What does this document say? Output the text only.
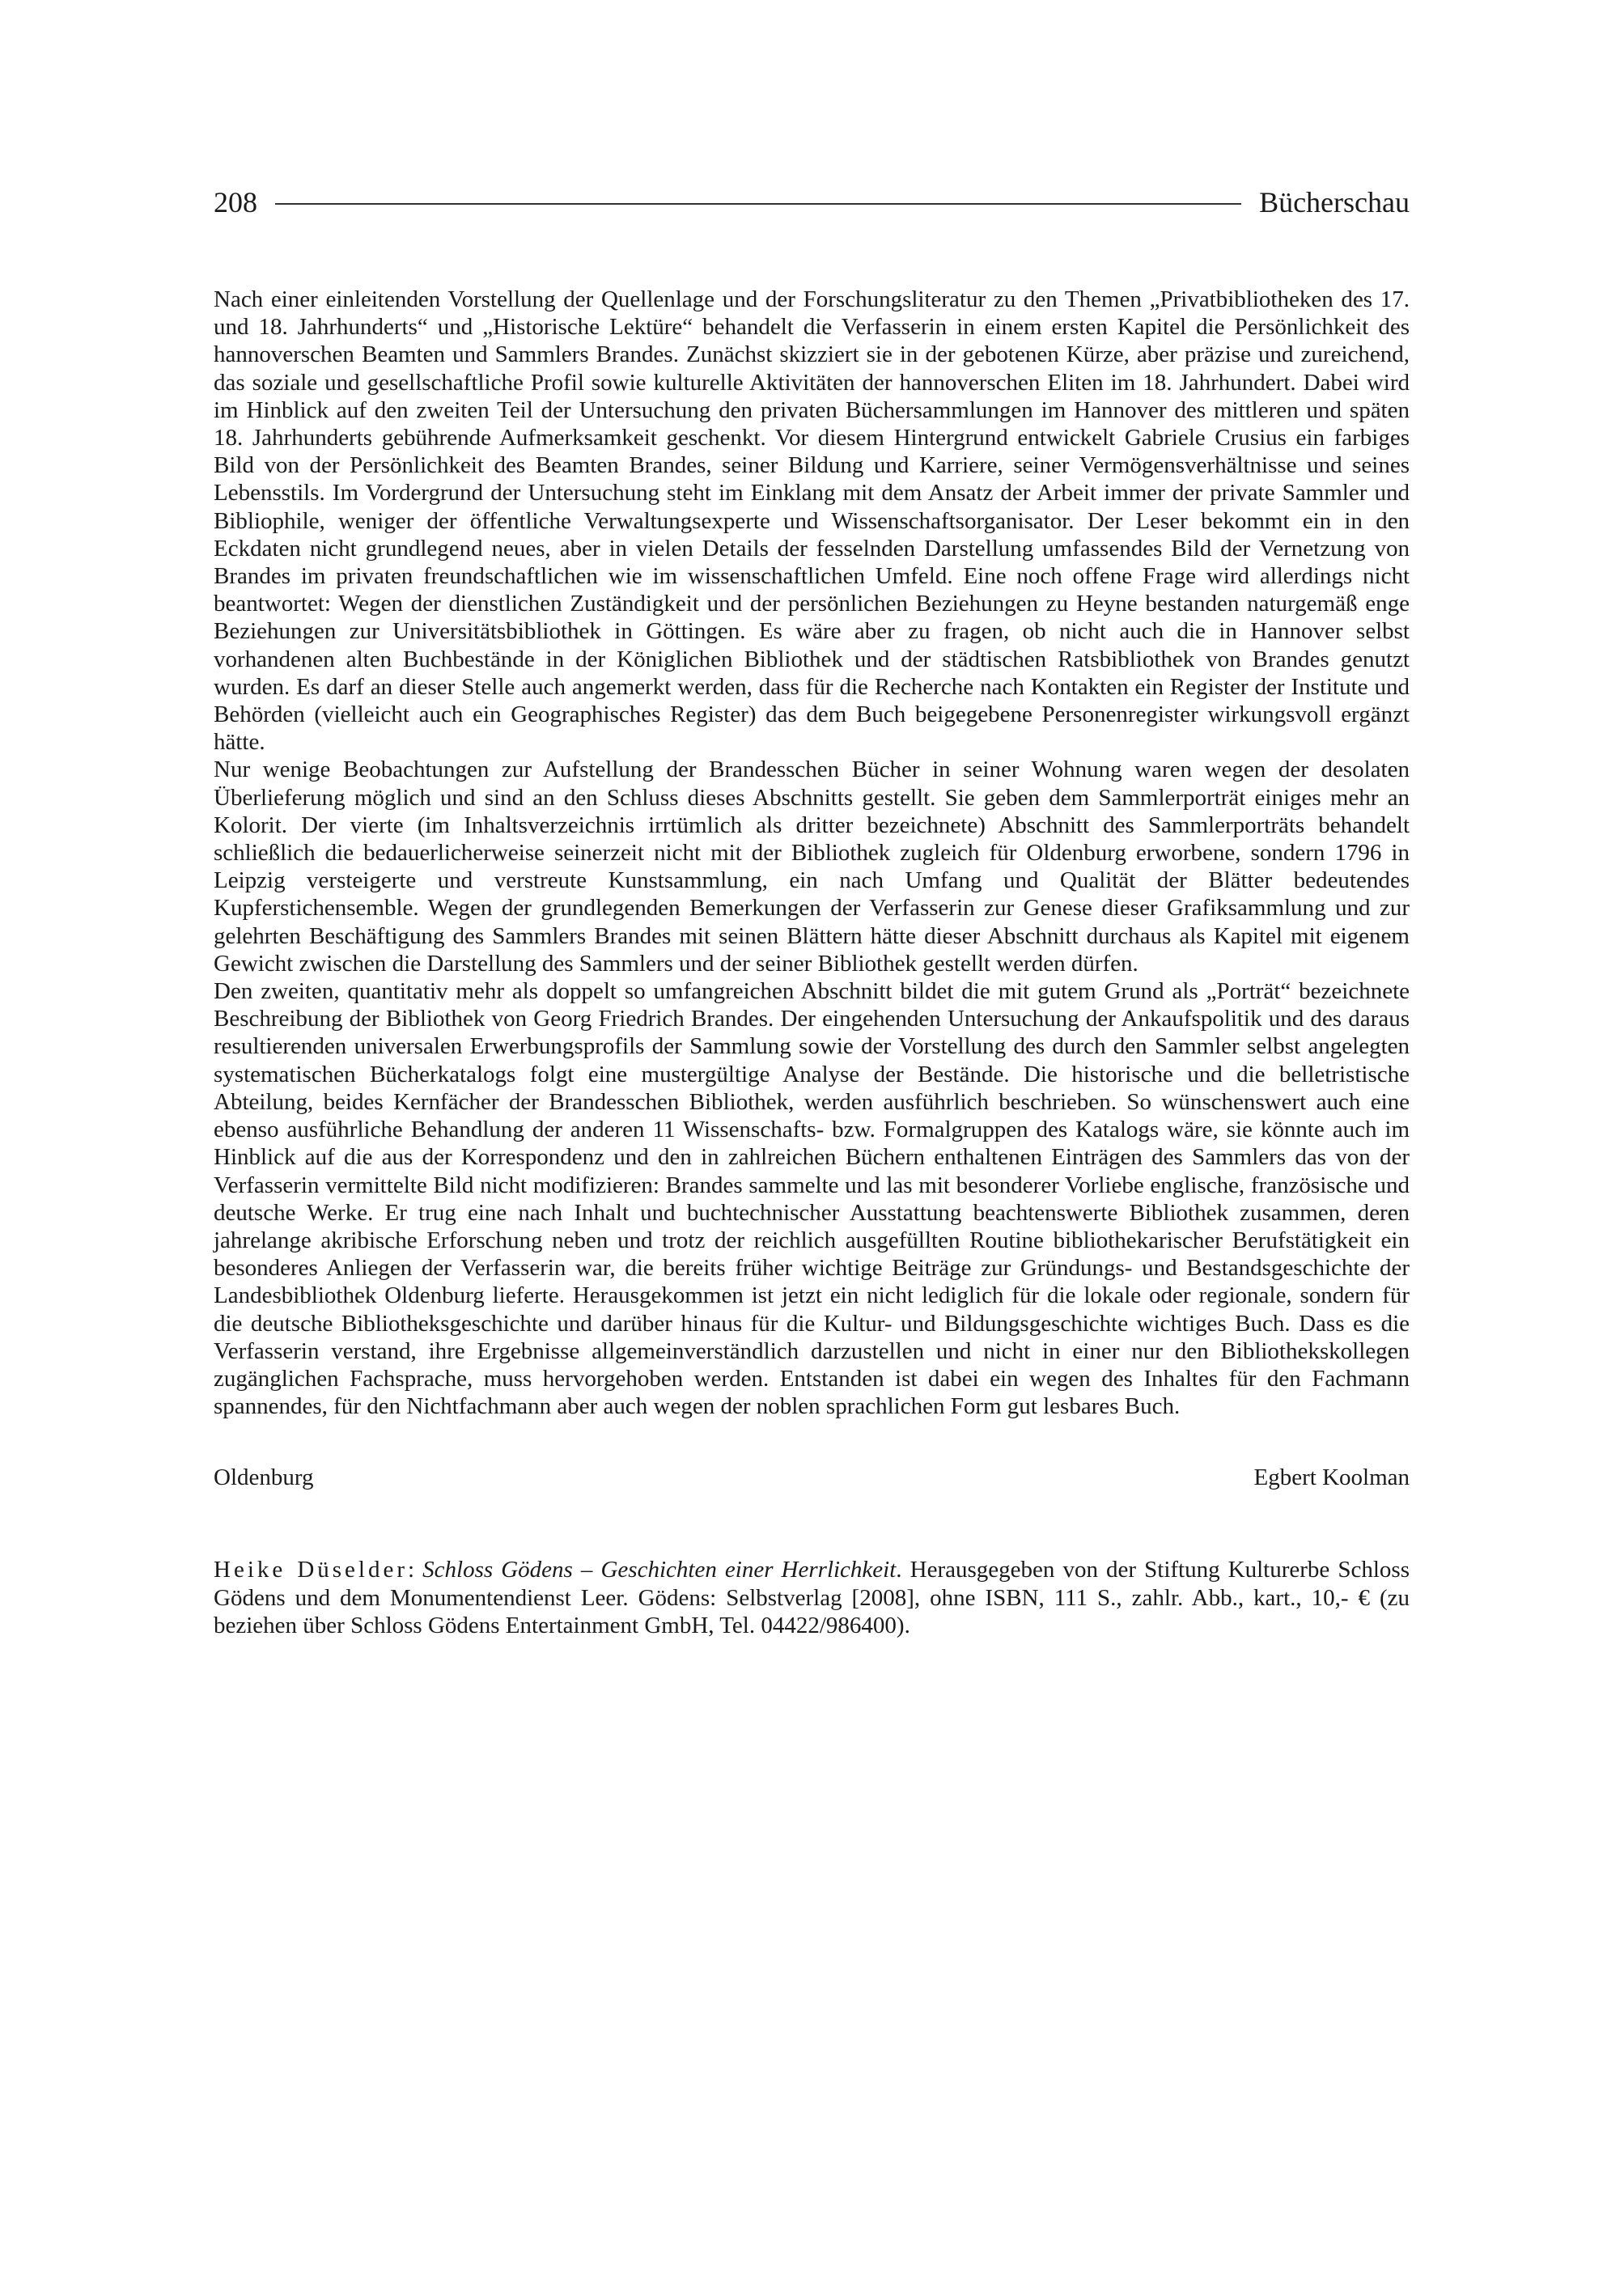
208	Bücherschau

Nach einer einleitenden Vorstellung der Quellenlage und der Forschungsliteratur zu den Themen „Privatbibliotheken des 17. und 18. Jahrhunderts“ und „Historische Lektüre“ behandelt die Verfasserin in einem ersten Kapitel die Persönlichkeit des hannoverschen Beamten und Sammlers Brandes. Zunächst skizziert sie in der gebotenen Kürze, aber präzise und zureichend, das soziale und gesellschaftliche Profil sowie kulturelle Aktivitäten der hannoverschen Eliten im 18. Jahrhundert. Dabei wird im Hinblick auf den zweiten Teil der Untersuchung den privaten Büchersammlungen im Hannover des mittleren und späten 18. Jahrhunderts gebührende Aufmerksamkeit geschenkt. Vor diesem Hintergrund entwickelt Gabriele Crusius ein farbiges Bild von der Persönlichkeit des Beamten Brandes, seiner Bildung und Karriere, seiner Vermögensverhältnisse und seines Lebensstils. Im Vordergrund der Untersuchung steht im Einklang mit dem Ansatz der Arbeit immer der private Sammler und Bibliophile, weniger der öffentliche Verwaltungsexperte und Wissenschaftsorganisator. Der Leser bekommt ein in den Eckdaten nicht grundlegend neues, aber in vielen Details der fesselnden Darstellung umfassendes Bild der Vernetzung von Brandes im privaten freundschaftlichen wie im wissenschaftlichen Umfeld. Eine noch offene Frage wird allerdings nicht beantwortet: Wegen der dienstlichen Zuständigkeit und der persönlichen Beziehungen zu Heyne bestanden naturgemäß enge Beziehungen zur Universitätsbibliothek in Göttingen. Es wäre aber zu fragen, ob nicht auch die in Hannover selbst vorhandenen alten Buchbestände in der Königlichen Bibliothek und der städtischen Ratsbibliothek von Brandes genutzt wurden. Es darf an dieser Stelle auch angemerkt werden, dass für die Recherche nach Kontakten ein Register der Institute und Behörden (vielleicht auch ein Geographisches Register) das dem Buch beigegebene Personenregister wirkungsvoll ergänzt hätte.

Nur wenige Beobachtungen zur Aufstellung der Brandesschen Bücher in seiner Wohnung waren wegen der desolaten Überlieferung möglich und sind an den Schluss dieses Abschnitts gestellt. Sie geben dem Sammlerporträt einiges mehr an Kolorit. Der vierte (im Inhaltsverzeichnis irrtümlich als dritter bezeichnete) Abschnitt des Sammlerporträts behandelt schließlich die bedauerlicherweise seinerzeit nicht mit der Bibliothek zugleich für Oldenburg erworbene, sondern 1796 in Leipzig versteigerte und verstreute Kunstsammlung, ein nach Umfang und Qualität der Blätter bedeutendes Kupferstichensemble. Wegen der grundlegenden Bemerkungen der Verfasserin zur Genese dieser Grafiksammlung und zur gelehrten Beschäftigung des Sammlers Brandes mit seinen Blättern hätte dieser Abschnitt durchaus als Kapitel mit eigenem Gewicht zwischen die Darstellung des Sammlers und der seiner Bibliothek gestellt werden dürfen.

Den zweiten, quantitativ mehr als doppelt so umfangreichen Abschnitt bildet die mit gutem Grund als „Porträt“ bezeichnete Beschreibung der Bibliothek von Georg Friedrich Brandes. Der eingehenden Untersuchung der Ankaufspolitik und des daraus resultierenden universalen Erwerbungsprofils der Sammlung sowie der Vorstellung des durch den Sammler selbst angelegten systematischen Bücherkatalogs folgt eine mustergültige Analyse der Bestände. Die historische und die belletristische Abteilung, beides Kernfächer der Brandesschen Bibliothek, werden ausführlich beschrieben. So wünschenswert auch eine ebenso ausführliche Behandlung der anderen 11 Wissenschafts- bzw. Formalgruppen des Katalogs wäre, sie könnte auch im Hinblick auf die aus der Korrespondenz und den in zahlreichen Büchern enthaltenen Einträgen des Sammlers das von der Verfasserin vermittelte Bild nicht modifizieren: Brandes sammelte und las mit besonderer Vorliebe englische, französische und deutsche Werke. Er trug eine nach Inhalt und buchtechnischer Ausstattung beachtenswerte Bibliothek zusammen, deren jahrelange akribische Erforschung neben und trotz der reichlich ausgefüllten Routine bibliothekarischer Berufstätigkeit ein besonderes Anliegen der Verfasserin war, die bereits früher wichtige Beiträge zur Gründungs- und Bestandsgeschichte der Landesbibliothek Oldenburg lieferte. Herausgekommen ist jetzt ein nicht lediglich für die lokale oder regionale, sondern für die deutsche Bibliotheksgeschichte und darüber hinaus für die Kultur- und Bildungsgeschichte wichtiges Buch. Dass es die Verfasserin verstand, ihre Ergebnisse allgemeinverständlich darzustellen und nicht in einer nur den Bibliothekskollegen zugänglichen Fachsprache, muss hervorgehoben werden. Entstanden ist dabei ein wegen des Inhaltes für den Fachmann spannendes, für den Nichtfachmann aber auch wegen der noblen sprachlichen Form gut lesbares Buch.

Oldenburg	Egbert Koolman
Heike Düselder: Schloss Gödens – Geschichten einer Herrlichkeit. Herausgegeben von der Stiftung Kulturerbe Schloss Gödens und dem Monumentendienst Leer. Gödens: Selbstverlag [2008], ohne ISBN, 111 S., zahlr. Abb., kart., 10,- € (zu beziehen über Schloss Gödens Entertainment GmbH, Tel. 04422/986400).
